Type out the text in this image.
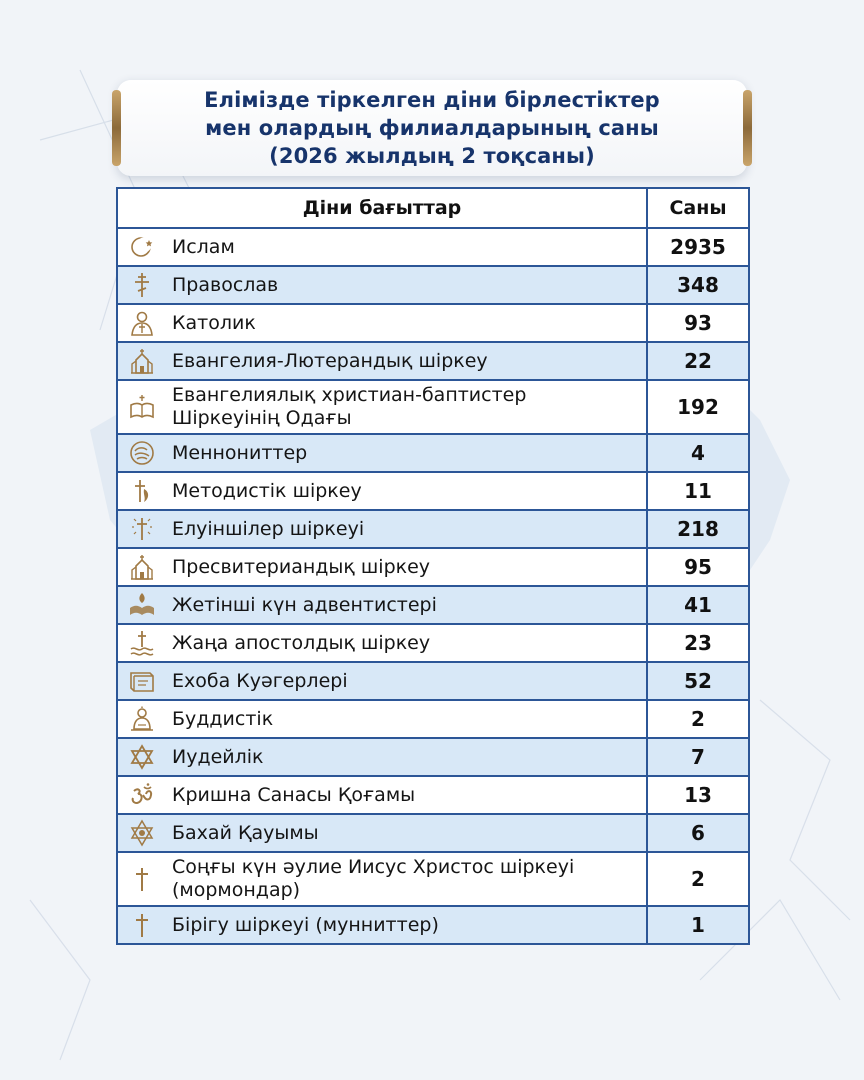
Елімізде тіркелген діни бірлестіктер
мен олардың филиалдарының саны
(2026 жылдың 2 тоқсаны)
Діни бағыттар	Саны

Ислам	2935

Православ	348

Католик	93

Евангелия-Лютерандық шіркеу	22

Евангелиялық христиан-баптистер
Шіркеуінің Одағы	192

Меннониттер	4

Методистік шіркеу	11

Елуіншілер шіркеуі	218

Пресвитериандық шіркеу	95

Жетінші күн адвентистері	41

Жаңа апостолдық шіркеу	23

Ехоба Куәгерлері	52

Буддистік	2

Иудейлік	7

Кришна Санасы Қоғамы	13

Бахай Қауымы	6

Соңғы күн әулие Иисус Христос шіркеуі
(мормондар)	2

Бірігу шіркеуі (мунниттер)	1
